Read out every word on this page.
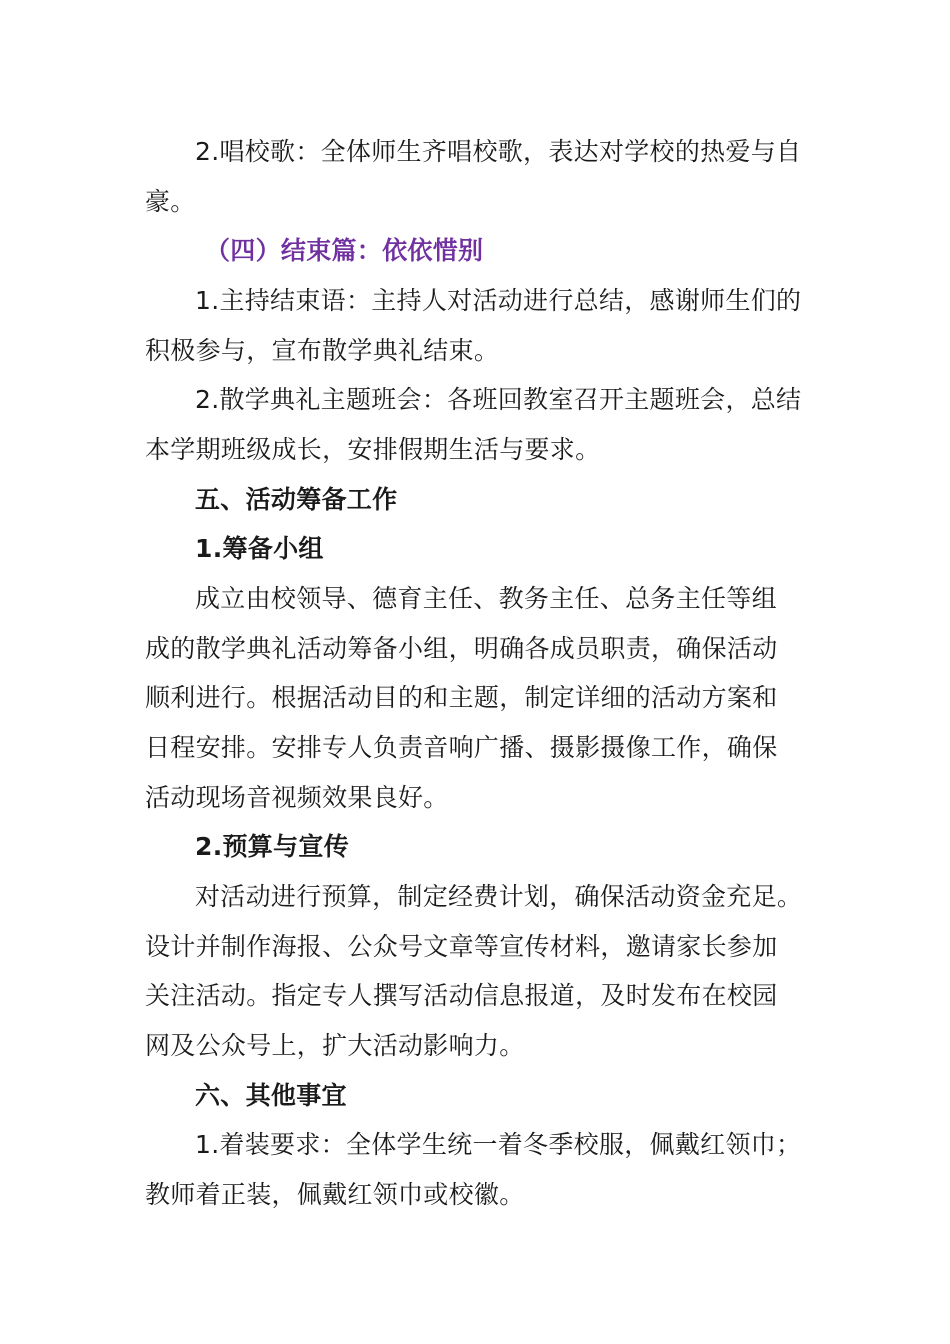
2.唱校歌：全体师生齐唱校歌，表达对学校的热爱与自
豪。
（四）结束篇：依依惜别
1.主持结束语：主持人对活动进行总结，感谢师生们的
积极参与，宣布散学典礼结束。
2.散学典礼主题班会：各班回教室召开主题班会，总结
本学期班级成长，安排假期生活与要求。
五、活动筹备工作
1.筹备小组
成立由校领导、德育主任、教务主任、总务主任等组
成的散学典礼活动筹备小组，明确各成员职责，确保活动
顺利进行。根据活动目的和主题，制定详细的活动方案和
日程安排。安排专人负责音响广播、摄影摄像工作，确保
活动现场音视频效果良好。
2.预算与宣传
对活动进行预算，制定经费计划，确保活动资金充足。
设计并制作海报、公众号文章等宣传材料，邀请家长参加
关注活动。指定专人撰写活动信息报道，及时发布在校园
网及公众号上，扩大活动影响力。
六、其他事宜
1.着装要求：全体学生统一着冬季校服，佩戴红领巾；
教师着正装，佩戴红领巾或校徽。
